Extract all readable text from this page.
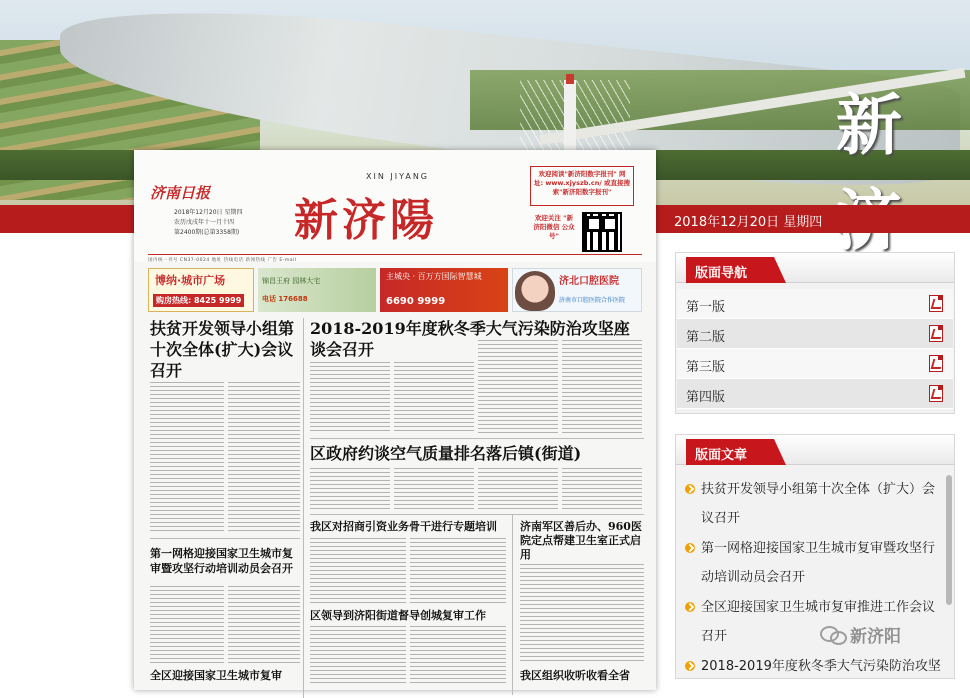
新
2018年12月20日 星期四
济南日报
2018年12月20日 星期四
农历戊戌年十一月十四
第2400期(总第3358期)
XIN JIYANG
新济陽
欢迎阅读"新济阳数字报刊" 网址: www.xjyszb.cn/ 或直接搜索"新济阳数字报刊"
欢迎关注 "新济阳微信 公众号"
国内统一刊号 CN37-0024 地址 热线电话 新闻热线 广告 E-mail
博纳·城市广场
购房热线: 8425 9999
锦昌王府 园林大宅
电话 176688
主城央 · 百万方国际智慧城
6690 9999
济北口腔医院
济南市口腔医院合作医院
扶贫开发领导小组第十次全体(扩大)会议召开
2018-2019年度秋冬季大气污染防治攻坚座谈会召开
区政府约谈空气质量排名落后镇(街道)
我区对招商引资业务骨干进行专题培训	济南军区善后办、960医院定点帮建卫生室正式启用
第一网格迎接国家卫生城市复审暨攻坚行动培训动员会召开
区领导到济阳街道督导创城复审工作
全区迎接国家卫生城市复审	我区组织收听收看全省
版面导航
第一版
第二版
第三版
第四版
版面文章
扶贫开发领导小组第十次全体（扩大）会议召开
第一网格迎接国家卫生城市复审暨攻坚行动培训动员会召开
全区迎接国家卫生城市复审推进工作会议召开
2018-2019年度秋冬季大气污染防治攻坚
新济阳
